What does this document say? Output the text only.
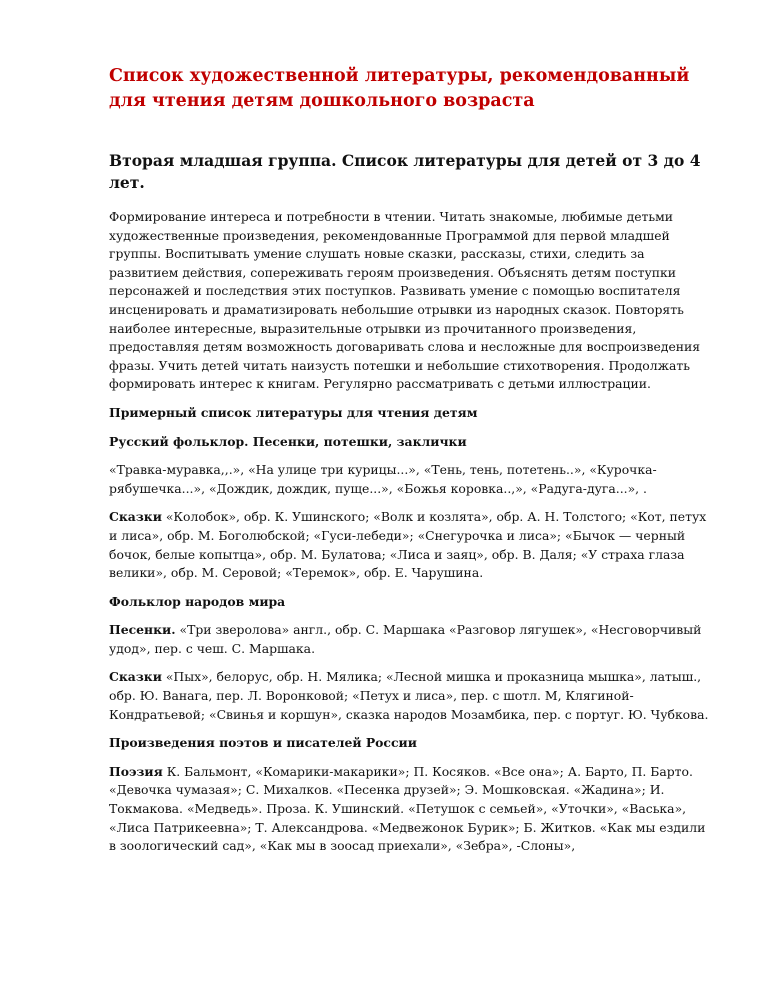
Список художественной литературы, рекомендованный для чтения детям дошкольного возраста
Вторая младшая группа. Список литературы для детей от 3 до 4 лет.

Формирование интереса и потребности в чтении. Читать знакомые, любимые детьми художественные произведения, рекомендованные Программой для первой младшей группы. Воспитывать умение слушать новые сказки, рассказы, стихи, следить за развитием действия, сопереживать героям произведения. Объяснять детям поступки персонажей и последствия этих поступков. Развивать умение с помощью воспитателя инсценировать и драматизировать небольшие отрывки из народных сказок. Повторять наиболее интересные, выразительные отрывки из прочитанного произведения, предоставляя детям возможность договаривать слова и несложные для воспроизведения фразы. Учить детей читать наизусть потешки и небольшие стихотворения. Продолжать формировать интерес к книгам. Регулярно рассматривать с детьми иллюстрации.

Примерный список литературы для чтения детям

Русский фольклор. Песенки, потешки, заклички

«Травка-муравка,,.», «На улице три курицы...», «Тень, тень, потетень..», «Курочка-рябушечка...», «Дождик, дождик, пуще...», «Божья коровка..,», «Радуга-дуга...», .

Сказки «Колобок», обр. К. Ушинского; «Волк и козлята», обр. А. Н. Толстого; «Кот, петух и лиса», обр. М. Боголюбской; «Гуси-лебеди»; «Снегурочка и лиса»; «Бычок — черный бочок, белые копытца», обр. М. Булатова; «Лиса и заяц», обр. В. Даля; «У страха глаза велики», обр. М. Серовой; «Теремок», обр. Е. Чарушина.

Фольклор народов мира

Песенки. «Три зверолова» англ., обр. С. Маршака «Разговор лягушек», «Несговорчивый удод», пер. с чеш. С. Маршака.

Сказки «Пых», белорус, обр. Н. Мялика; «Лесной мишка и проказница мышка», латыш., обр. Ю. Ванага, пер. Л. Воронковой; «Петух и лиса», пер. с шотл. М, Клягиной-Кондратьевой; «Свинья и коршун», сказка народов Мозамбика, пер. с португ. Ю. Чубкова.

Произведения поэтов и писателей России

Поэзия К. Бальмонт, «Комарики-макарики»; П. Косяков. «Все она»; А. Барто, П. Барто. «Девочка чумазая»; С. Михалков. «Песенка друзей»; Э. Мошковская. «Жадина»; И. Токмакова. «Медведь». Проза. К. Ушинский. «Петушок с семьей», «Уточки», «Васька», «Лиса Патрикеевна»; Т. Александрова. «Медвежонок Бурик»; Б. Житков. «Как мы ездили в зоологический сад», «Как мы в зоосад приехали», «Зебра», -Слоны»,
